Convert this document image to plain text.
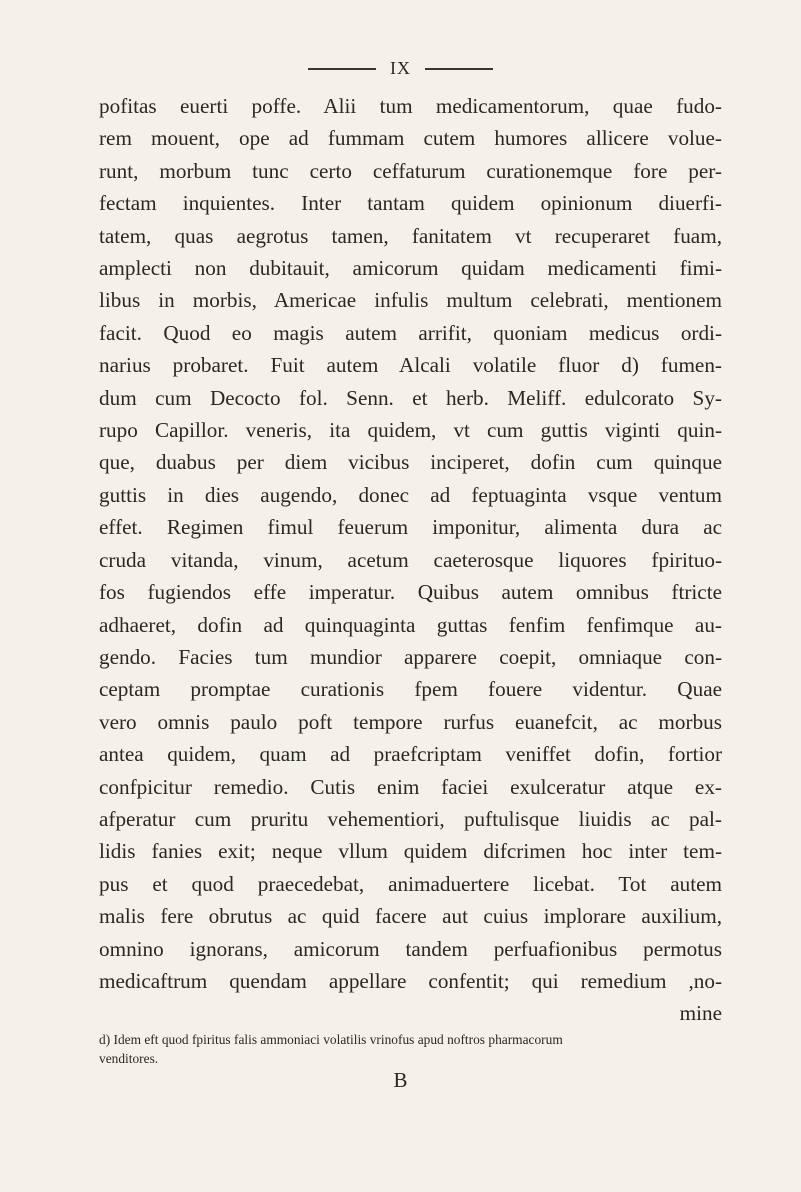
IX
pofitas euerti poffe. Alii tum medicamentorum, quae fudo-
rem mouent, ope ad fummam cutem humores allicere volue-
runt, morbum tunc certo ceffaturum curationemque fore per-
fectam inquientes. Inter tantam quidem opinionum diuerfi-
tatem, quas aegrotus tamen, fanitatem vt recuperaret fuam,
amplecti non dubitauit, amicorum quidam medicamenti fimi-
libus in morbis, Americae infulis multum celebrati, mentionem
facit. Quod eo magis autem arrifit, quoniam medicus ordi-
narius probaret. Fuit autem Alcali volatile fluor d) fumen-
dum cum Decocto fol. Senn. et herb. Meliff. edulcorato Sy-
rupo Capillor. veneris, ita quidem, vt cum guttis viginti quin-
que, duabus per diem vicibus inciperet, dofin cum quinque
guttis in dies augendo, donec ad feptuaginta vsque ventum
effet. Regimen fimul feuerum imponitur, alimenta dura ac
cruda vitanda, vinum, acetum caeterosque liquores fpirituo-
fos fugiendos effe imperatur. Quibus autem omnibus ftricte
adhaeret, dofin ad quinquaginta guttas fenfim fenfimque au-
gendo. Facies tum mundior apparere coepit, omniaque con-
ceptam promptae curationis fpem fouere videntur. Quae
vero omnis paulo poft tempore rurfus euanefcit, ac morbus
antea quidem, quam ad praefcriptam veniffet dofin, fortior
confpicitur remedio. Cutis enim faciei exulceratur atque ex-
afperatur cum pruritu vehementiori, puftulisque liuidis ac pal-
lidis fanies exit; neque vllum quidem difcrimen hoc inter tem-
pus et quod praecedebat, animaduertere licebat. Tot autem
malis fere obrutus ac quid facere aut cuius implorare auxilium,
omnino ignorans, amicorum tandem perfuafionibus permotus
medicaftrum quendam appellare confentit; qui remedium ,no-
mine
d) Idem eft quod fpiritus falis ammoniaci volatilis vrinofus apud noftros pharmacorum
venditores.
B
